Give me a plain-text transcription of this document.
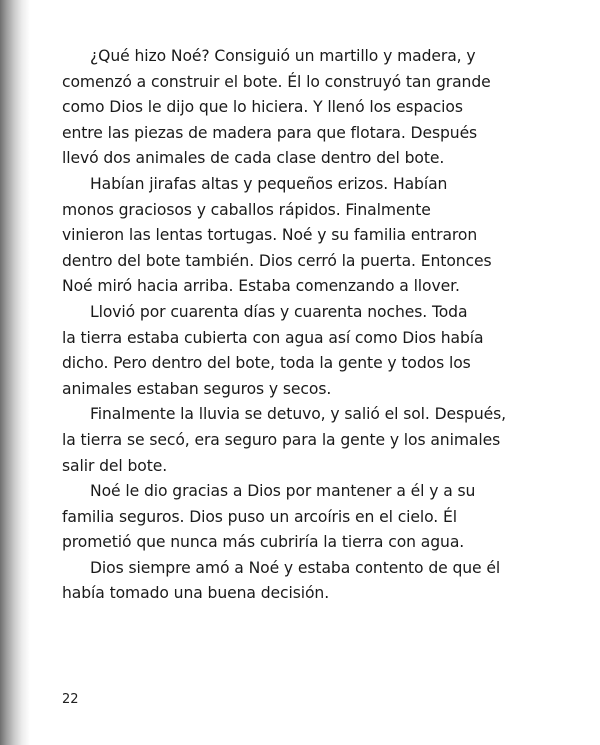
¿Qué hizo Noé? Consiguió un martillo y madera, y
comenzó a construir el bote. Él lo construyó tan grande
como Dios le dijo que lo hiciera. Y llenó los espacios
entre las piezas de madera para que flotara. Después
llevó dos animales de cada clase dentro del bote.

Habían jirafas altas y pequeños erizos. Habían
monos graciosos y caballos rápidos. Finalmente
vinieron las lentas tortugas. Noé y su familia entraron
dentro del bote también. Dios cerró la puerta. Entonces
Noé miró hacia arriba. Estaba comenzando a llover.

Llovió por cuarenta días y cuarenta noches. Toda
la tierra estaba cubierta con agua así como Dios había
dicho. Pero dentro del bote, toda la gente y todos los
animales estaban seguros y secos.

Finalmente la lluvia se detuvo, y salió el sol. Después,
la tierra se secó, era seguro para la gente y los animales
salir del bote.

Noé le dio gracias a Dios por mantener a él y a su
familia seguros. Dios puso un arcoíris en el cielo. Él
prometió que nunca más cubriría la tierra con agua.

Dios siempre amó a Noé y estaba contento de que él
había tomado una buena decisión.

22
